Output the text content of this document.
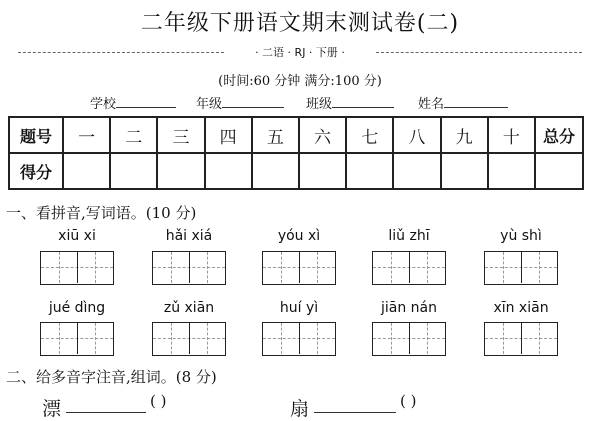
二年级下册语文期末测试卷(二)
· 二语 · RJ · 下册 ·
(时间:60 分钟 满分:100 分)
学校	年级	班级	姓名
题号	一	二	三	四	五	六	七	八	九	十	总分
得分											
一、看拼音,写词语。(10 分)
xiū xi	hǎi xiá	yóu xì	liǔ zhī	yù shì
jué dìng	zǔ xiān	huí yì	jiān nán	xīn xiān
二、给多音字注音,组词。(8 分)
漂	( )	扇	( )
